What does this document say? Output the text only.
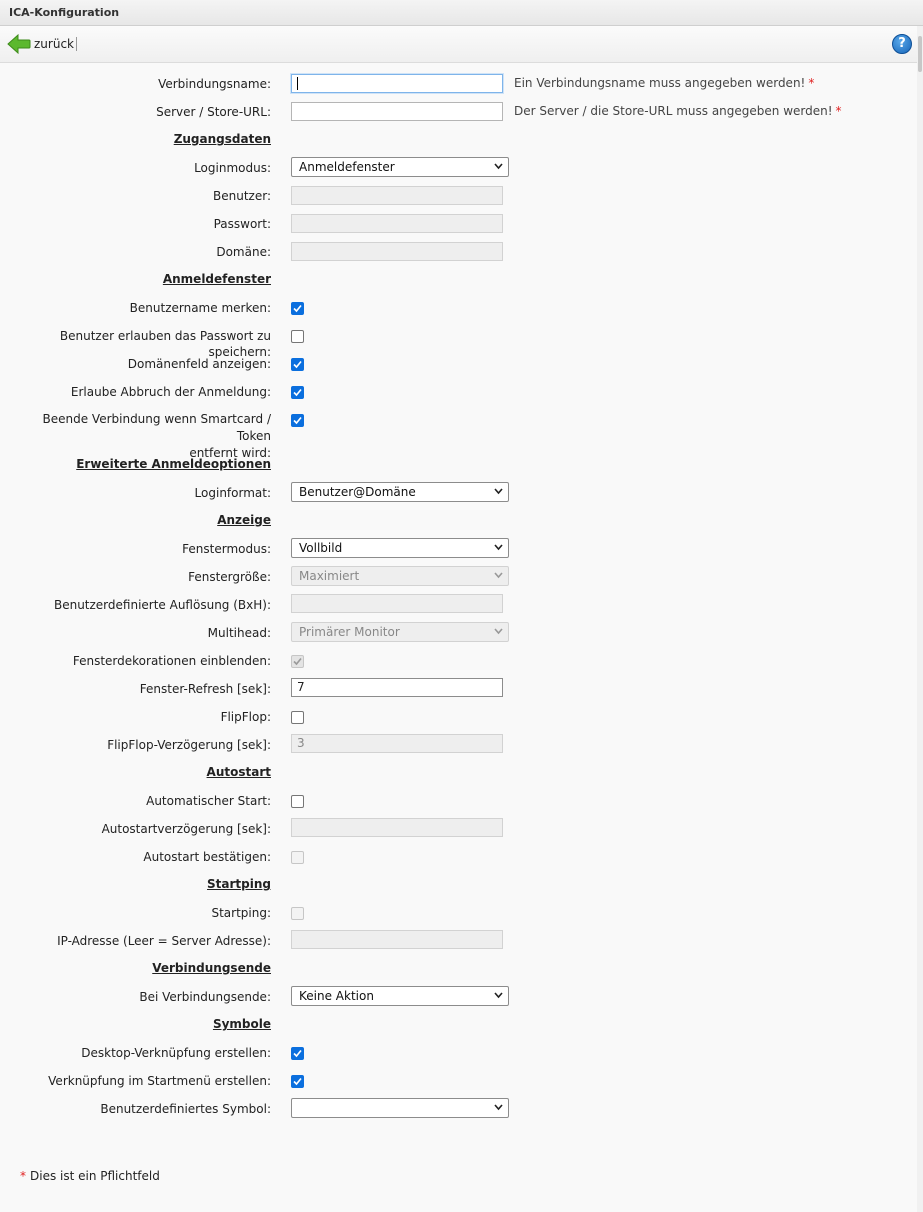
ICA-Konfiguration
zurück	?
Verbindungsname:	Ein Verbindungsname muss angegeben werden! *
Server / Store-URL:	Der Server / die Store-URL muss angegeben werden! *
Zugangsdaten
Loginmodus:	Anmeldefenster
Benutzer:
Passwort:
Domäne:
Anmeldefenster
Benutzername merken:
Benutzer erlauben das Passwort zu speichern:
Domänenfeld anzeigen:
Erlaube Abbruch der Anmeldung:
Beende Verbindung wenn Smartcard / Token
entfernt wird:
Erweiterte Anmeldeoptionen
Loginformat:	Benutzer@Domäne
Anzeige
Fenstermodus:	Vollbild
Fenstergröße:	Maximiert
Benutzerdefinierte Auflösung (BxH):
Multihead:	Primärer Monitor
Fensterdekorationen einblenden:
Fenster-Refresh [sek]:	7
FlipFlop:
FlipFlop-Verzögerung [sek]:	3
Autostart
Automatischer Start:
Autostartverzögerung [sek]:
Autostart bestätigen:
Startping
Startping:
IP-Adresse (Leer = Server Adresse):
Verbindungsende
Bei Verbindungsende:	Keine Aktion
Symbole
Desktop-Verknüpfung erstellen:
Verknüpfung im Startmenü erstellen:
Benutzerdefiniertes Symbol:
* Dies ist ein Pflichtfeld
